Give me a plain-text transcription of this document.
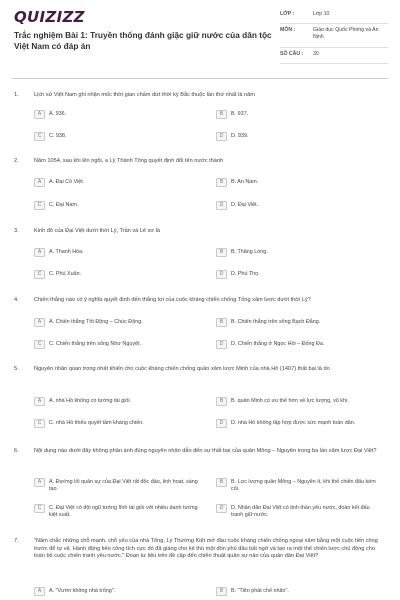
QUIZIZZ
Trắc nghiệm Bài 1: Truyền thống đánh giặc giữ nước của dân tộc Việt Nam có đáp án
LỚP :	Lớp 10
MÔN :	Giáo dục Quốc Phòng và An Ninh
SỐ CÂU : 30
1.	Lịch sử Việt Nam ghi nhận mốc thời gian chấm dứt thời kỳ Bắc thuộc lần thứ nhất là năm
A	A. 936.	B	B. 937.
C	C. 938.	D	D. 939.
2.	Năm 1054, sau khi lên ngôi, a Lý Thánh Tông quyết định đổi tên nước thành
A	A. Đại Cồ Việt.	B	B. An Nam.
C	C. Đại Nam.	D	D. Đại Việt.
3.	Kinh đô của Đại Việt dưới thời Lý, Trần và Lê sơ là
A	A. Thanh Hóa.	B	B. Thăng Long.
C	C. Phú Xuân.	D	D. Phú Thọ.
4.	Chiến thắng nào có ý nghĩa quyết định đến thắng lợi của cuộc kháng chiến chống Tống xâm lược dưới thời Lý?
A	A. Chiến thắng Tốt Động – Chúc Động.	B	B. Chiến thắng trên sông Bạch Đằng.
C	C. Chiến thắng trên sông Như Nguyệt.	D	D. Chiến thắng ở Ngọc Hồi – Đống Đa.
5.	Nguyên nhân quan trọng nhất khiến cho cuộc kháng chiến chống quân xâm lược Minh của nhà Hồ (1407) thất bại là do
A	A. nhà Hồ không có tướng tài giỏi.	B	B. quân Minh có ưu thế hơn về lực lượng, vũ khí.
C	C. nhà Hồ thiếu quyết tâm kháng chiến.	D	D. nhà Hồ không tập hợp được sức mạnh toàn dân.
6.	Nội dung nào dưới đây không phản ánh đúng nguyên nhân dẫn đến sự thất bại của quân Mông – Nguyên trong ba lần xâm lược Đại Việt?
A	A. Đường lối quân sự của Đại Việt rất độc đáo, linh hoạt, sáng tạo.
B	B. Lực lượng quân Mông – Nguyên ít, khi thế chiến đấu kém cỏi.
C	C. Đại Việt có đội ngũ tướng lĩnh tài giỏi với nhiều danh tướng kiệt xuất.
D	D. Nhân dân Đại Việt có tinh thần yêu nước, đoàn kết đấu tranh giữ nước.
7.	"Năm chắc những chỗ mạnh, chỗ yếu của nhà Tống, Lý Thường Kiệt mở đầu cuộc kháng chiến chống ngoại xâm bằng một cuộc tiến công trước để tự vệ. Hành động tiến công tích cực đó đã giáng cho kẻ thù một đòn phủ đầu bất ngờ và tạo ra một thế chiến lược chủ động cho toàn bộ cuộc chiến tranh yêu nước." Đoạn tư liệu trên đề cập đến chiến thuật quân sự nào của quân dân Đại Việt?
A	A. "Vườn không nhà trống".	B	B. "Tiên phát chế nhân".
